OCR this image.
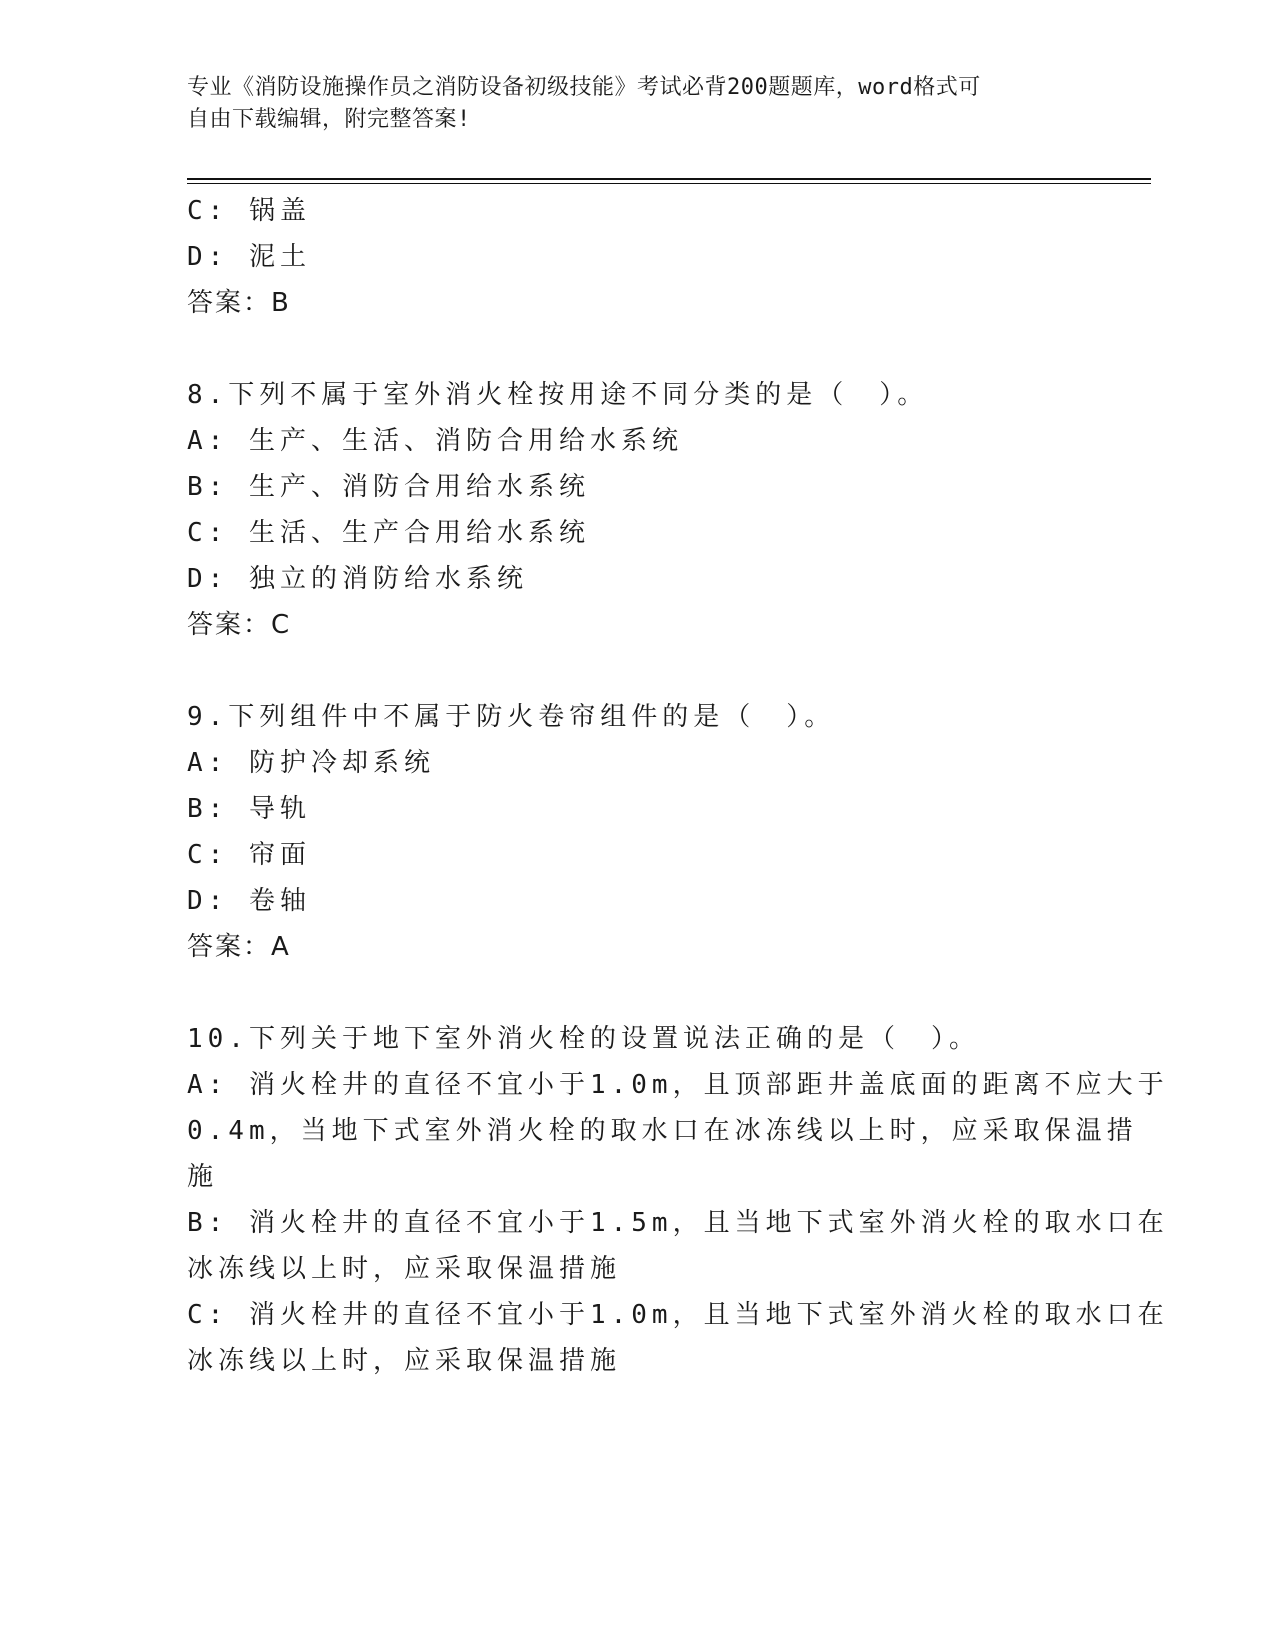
专业《消防设施操作员之消防设备初级技能》考试必背200题题库，word格式可
自由下载编辑，附完整答案!
C: 锅盖
D: 泥土
答案：B
8.下列不属于室外消火栓按用途不同分类的是（　）。
A: 生产、生活、消防合用给水系统
B: 生产、消防合用给水系统
C: 生活、生产合用给水系统
D: 独立的消防给水系统
答案：C
9.下列组件中不属于防火卷帘组件的是（　）。
A: 防护冷却系统
B: 导轨
C: 帘面
D: 卷轴
答案：A
10.下列关于地下室外消火栓的设置说法正确的是（　）。
A: 消火栓井的直径不宜小于1.0m，且顶部距井盖底面的距离不应大于
0.4m，当地下式室外消火栓的取水口在冰冻线以上时，应采取保温措
施
B: 消火栓井的直径不宜小于1.5m，且当地下式室外消火栓的取水口在
冰冻线以上时，应采取保温措施
C: 消火栓井的直径不宜小于1.0m，且当地下式室外消火栓的取水口在
冰冻线以上时，应采取保温措施
